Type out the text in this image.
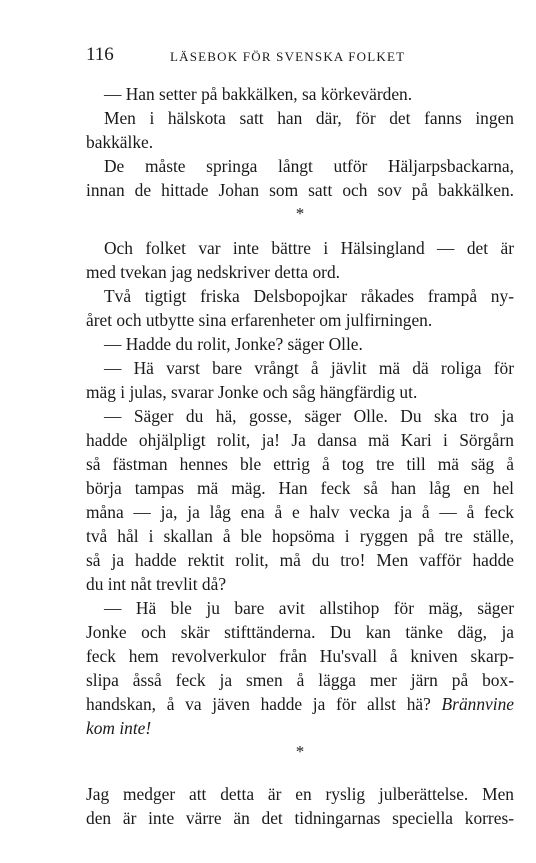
116	LÄSEBOK FÖR SVENSKA FOLKET
— Han setter på bakkälken, sa körkevärden.
Men i hälskota satt han där, för det fanns ingen
bakkälke.
De måste springa långt utför Häljarpsbackarna,
innan de hittade Johan som satt och sov på bakkälken.
*
Och folket var inte bättre i Hälsingland — det är
med tvekan jag nedskriver detta ord.
Två tigtigt friska Delsbopojkar råkades frampå ny-
året och utbytte sina erfarenheter om julfirningen.
— Hadde du rolit, Jonke? säger Olle.
— Hä varst bare vrångt å jävlit mä dä roliga för
mäg i julas, svarar Jonke och såg hängfärdig ut.
— Säger du hä, gosse, säger Olle. Du ska tro ja
hadde ohjälpligt rolit, ja! Ja dansa mä Kari i Sörgårn
så fästman hennes ble ettrig å tog tre till mä säg å
börja tampas mä mäg. Han feck så han låg en hel
måna — ja, ja låg ena å e halv vecka ja å — å feck
två hål i skallan å ble hopsöma i ryggen på tre ställe,
så ja hadde rektit rolit, må du tro! Men vafför hadde
du int nåt trevlit då?
— Hä ble ju bare avit allstihop för mäg, säger
Jonke och skär stifttänderna. Du kan tänke däg, ja
feck hem revolverkulor från Hu'svall å kniven skarp-
slipa åsså feck ja smen å lägga mer järn på box-
handskan, å va jäven hadde ja för allst hä? Brännvine
kom inte!
*
Jag medger att detta är en ryslig julberättelse. Men
den är inte värre än det tidningarnas speciella korres-
